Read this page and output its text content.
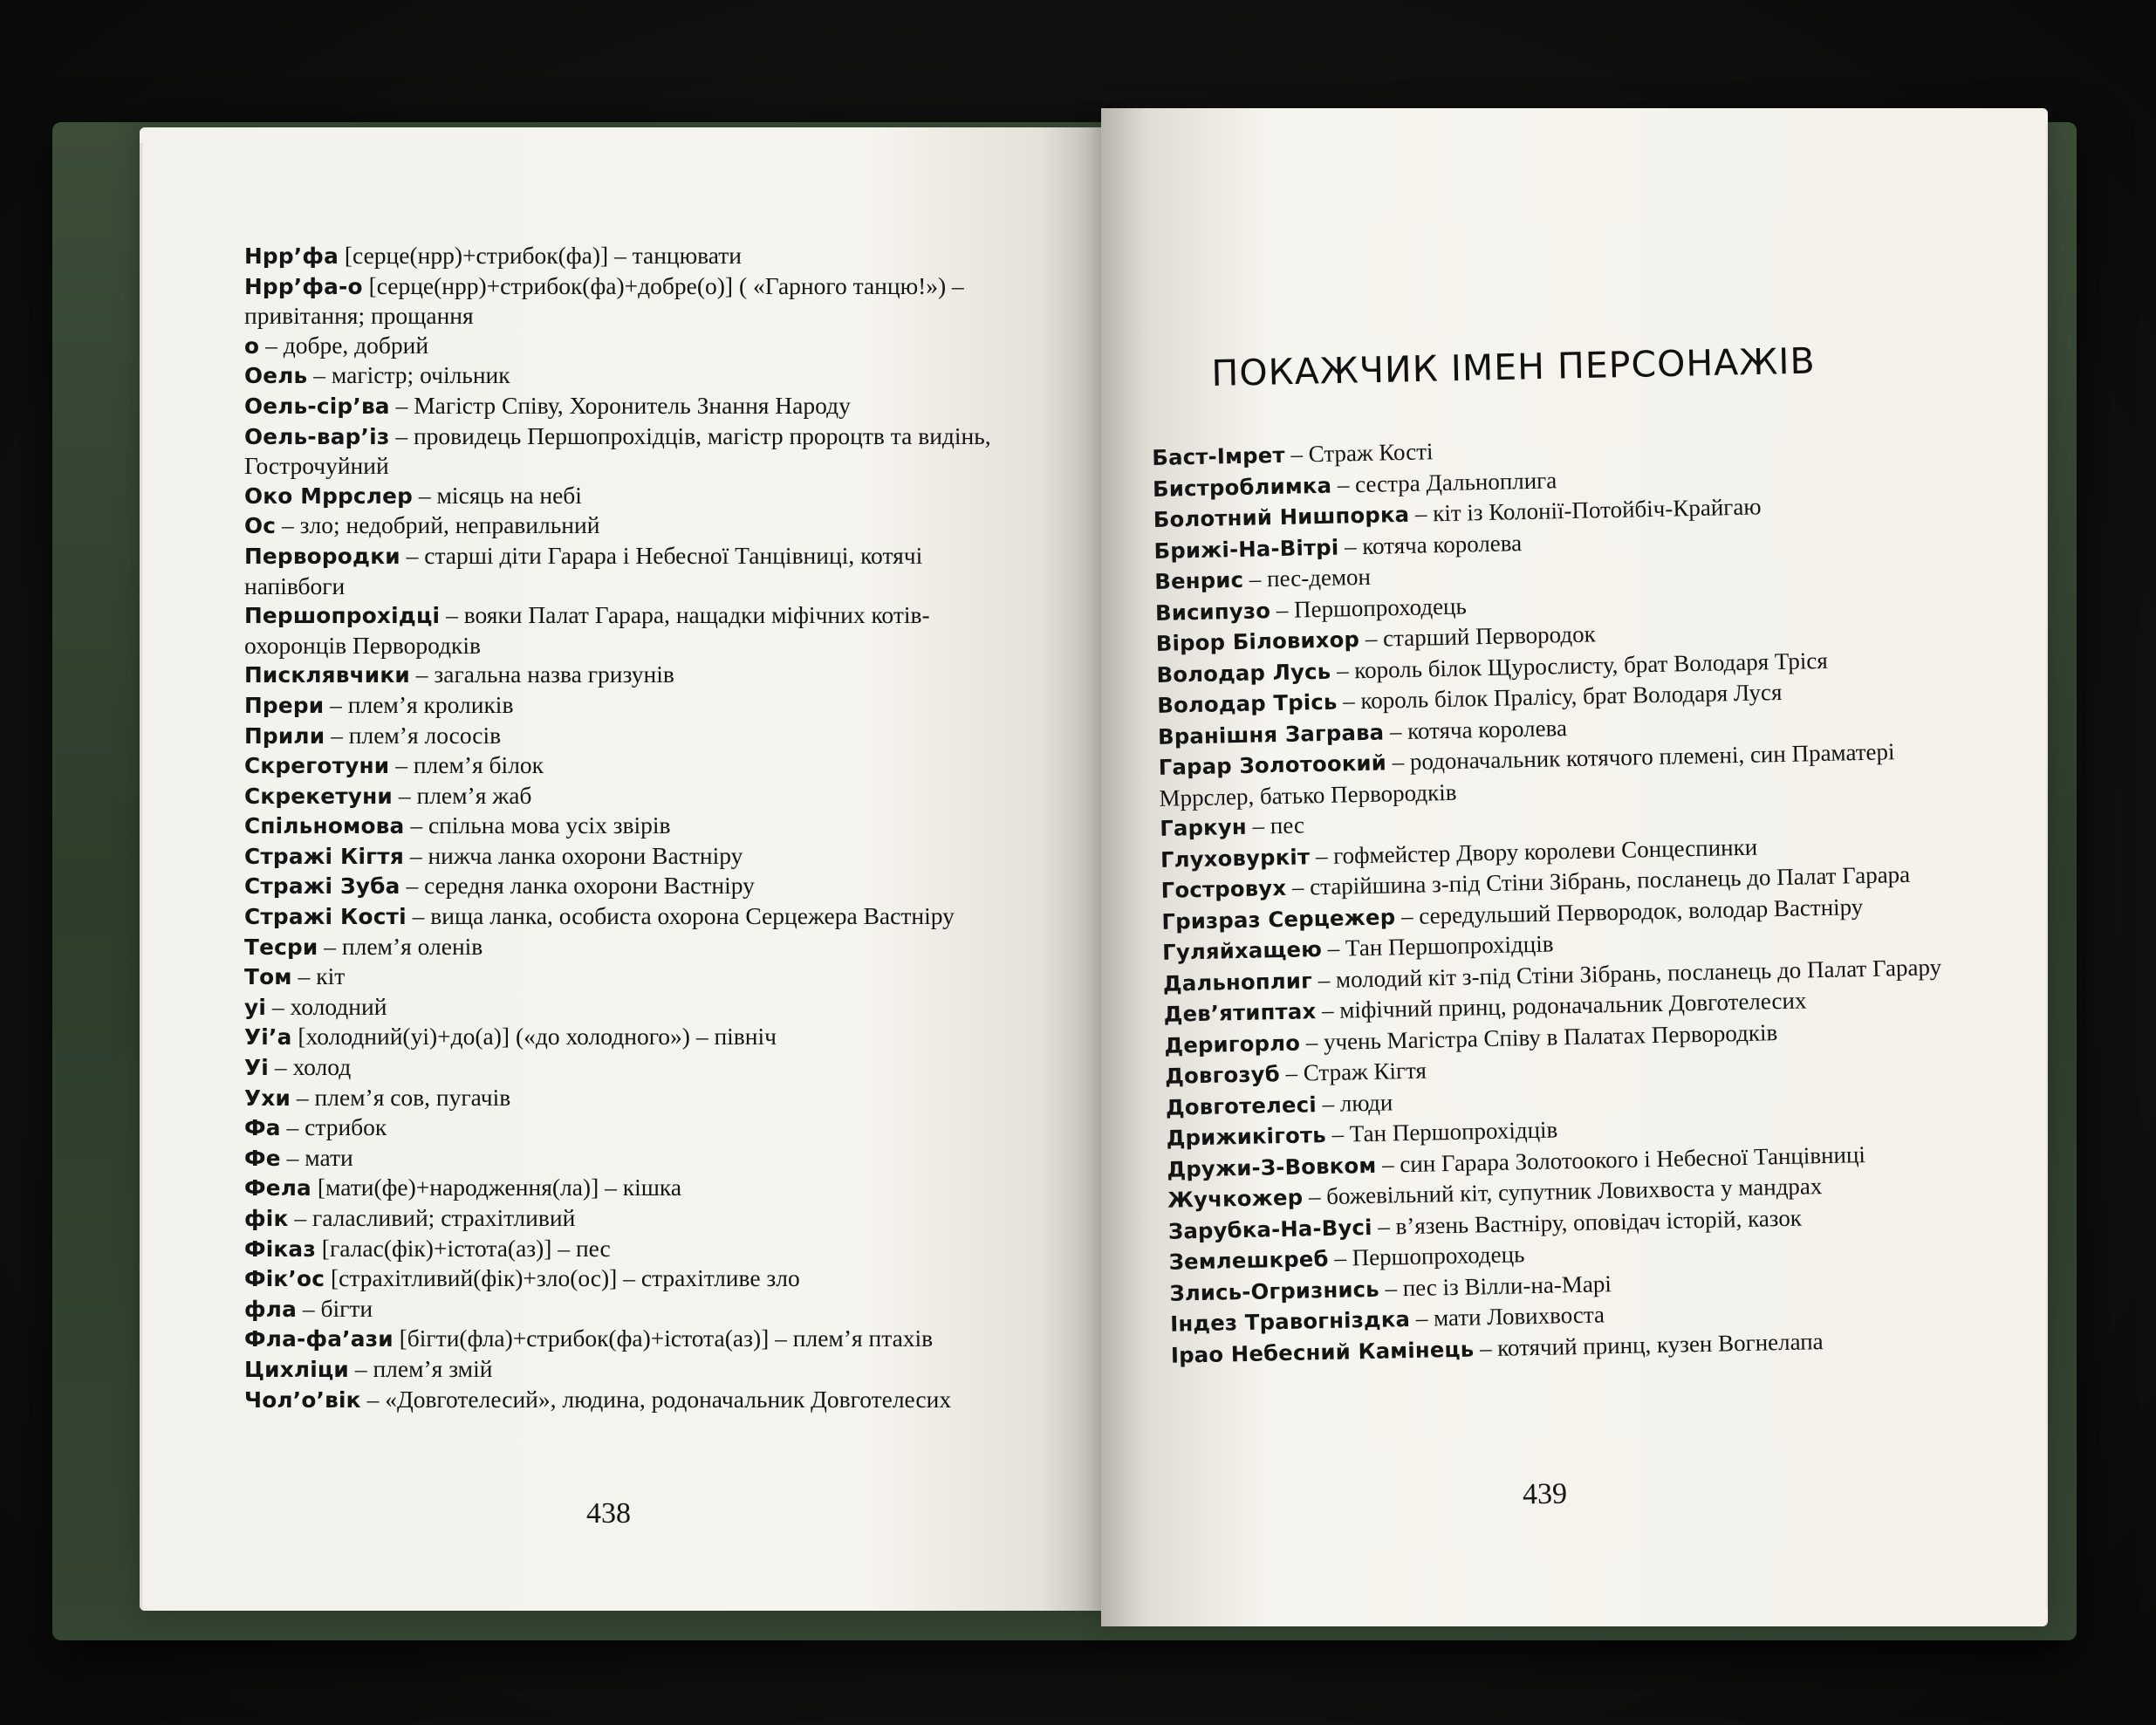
Нрр’фа [серце(нрр)+стрибок(фа)] – танцювати
Нрр’фа-о [серце(нрр)+стрибок(фа)+добре(о)] ( «Гарного танцю!») – привітання; прощання
о – добре, добрий
Оель – магістр; очільник
Оель-сір’ва – Магістр Співу, Хоронитель Знання Народу
Оель-вар’із – провидець Першопрохідців, магістр пророцтв та видінь, Гострочуйний
Око Мррслер – місяць на небі
Ос – зло; недобрий, неправильний
Первородки – старші діти Гарара і Небесної Танцівниці, котячі напівбоги
Першопрохідці – вояки Палат Гарара, нащадки міфічних котів-охоронців Первородків
Писклявчики – загальна назва гризунів
Прери – плем’я кроликів
Прили – плем’я лососів
Скреготуни – плем’я білок
Скрекетуни – плем’я жаб
Спільномова – спільна мова усіх звірів
Стражі Кігтя – нижча ланка охорони Вастніру
Стражі Зуба – середня ланка охорони Вастніру
Стражі Кості – вища ланка, особиста охорона Серцежера Вастніру
Тесри – плем’я оленів
Том – кіт
уі – холодний
Уі’а [холодний(уі)+до(а)] («до холодного») – північ
Уі – холод
Ухи – плем’я сов, пугачів
Фа – стрибок
Фе – мати
Фела [мати(фе)+народження(ла)] – кішка
фік – галасливий; страхітливий
Фіказ [галас(фік)+істота(аз)] – пес
Фік’ос [страхітливий(фік)+зло(ос)] – страхітливе зло
фла – бігти
Фла-фа’ази [бігти(фла)+стрибок(фа)+істота(аз)] – плем’я птахів
Цихліци – плем’я змій
Чол’о’вік – «Довготелесий», людина, родоначальник Довготелесих
438
ПОКАЖЧИК ІМЕН ПЕРСОНАЖІВ
Баст-Імрет – Страж Кості
Бистроблимка – сестра Дальноплига
Болотний Нишпорка – кіт із Колонії-Потойбіч-Крайгаю
Брижі-На-Вітрі – котяча королева
Венрис – пес-демон
Висипузо – Першопроходець
Вірор Біловихор – старший Первородок
Володар Лусь – король білок Щурослисту, брат Володаря Тріся
Володар Трісь – король білок Пралісу, брат Володаря Луся
Вранішня Заграва – котяча королева
Гарар Золотоокий – родоначальник котячого племені, син Праматері Мррслер, батько Первородків
Гаркун – пес
Глуховуркіт – гофмейстер Двору королеви Сонцеспинки
Гостровух – старійшина з-під Стіни Зібрань, посланець до Палат Гарара
Гризраз Серцежер – середульший Первородок, володар Вастніру
Гуляйхащею – Тан Першопрохідців
Дальноплиг – молодий кіт з-під Стіни Зібрань, посланець до Палат Гарару
Дев’ятиптах – міфічний принц, родоначальник Довготелесих
Деригорло – учень Магістра Співу в Палатах Первородків
Довгозуб – Страж Кігтя
Довготелесі – люди
Дрижикіготь – Тан Першопрохідців
Дружи-З-Вовком – син Гарара Золотоокого і Небесної Танцівниці
Жучкожер – божевільний кіт, супутник Ловихвоста у мандрах
Зарубка-На-Вусі – в’язень Вастніру, оповідач історій, казок
Землешкреб – Першопроходець
Злись-Огризнись – пес із Вілли-на-Марі
Індез Травогніздка – мати Ловихвоста
Ірао Небесний Камінець – котячий принц, кузен Вогнелапа
439
